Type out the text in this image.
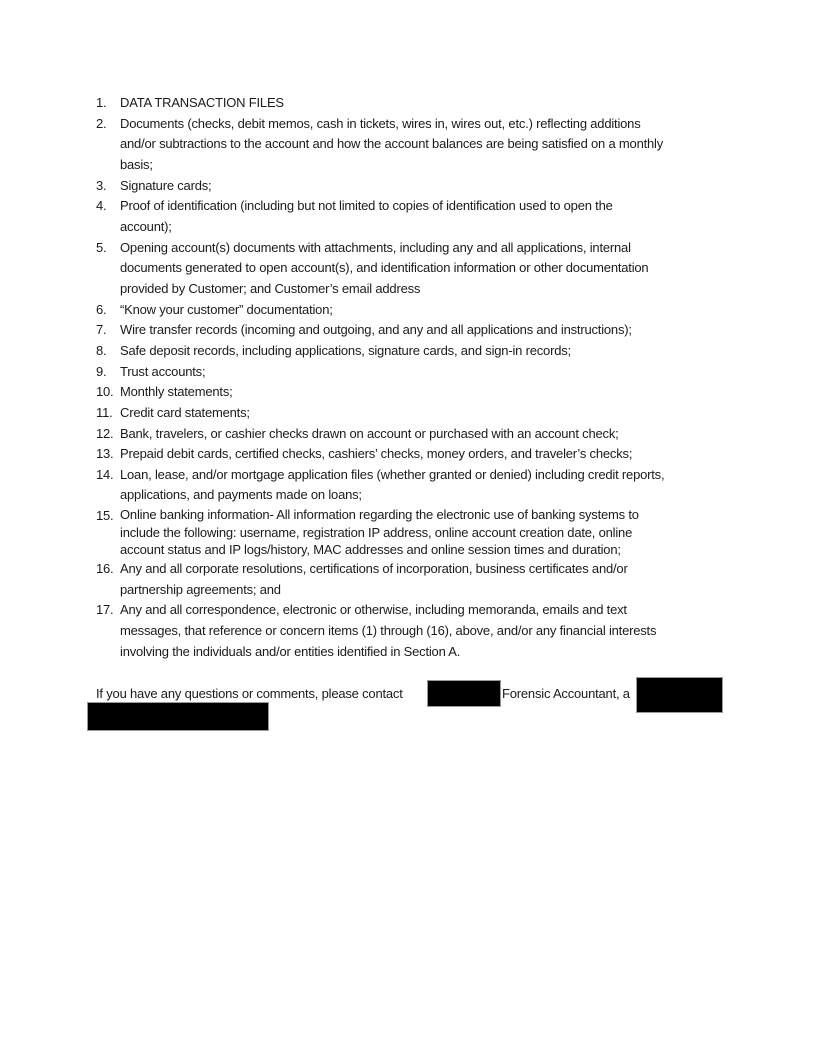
1.	DATA TRANSACTION FILES
2.	Documents (checks, debit memos, cash in tickets, wires in, wires out, etc.) reflecting additions
and/or subtractions to the account and how the account balances are being satisfied on a monthly
basis;
3.	Signature cards;
4.	Proof of identification (including but not limited to copies of identification used to open the
account);
5.	Opening account(s) documents with attachments, including any and all applications, internal
documents generated to open account(s), and identification information or other documentation
provided by Customer; and Customer’s email address
6.	“Know your customer” documentation;
7.	Wire transfer records (incoming and outgoing, and any and all applications and instructions);
8.	Safe deposit records, including applications, signature cards, and sign-in records;
9.	Trust accounts;
10. Monthly statements;
11. Credit card statements;
12. Bank, travelers, or cashier checks drawn on account or purchased with an account check;
13. Prepaid debit cards, certified checks, cashiers’ checks, money orders, and traveler’s checks;
14. Loan, lease, and/or mortgage application files (whether granted or denied) including credit reports,
applications, and payments made on loans;
15. Online banking information- All information regarding the electronic use of banking systems to
include the following: username, registration IP address, online account creation date, online
account status and IP logs/history, MAC addresses and online session times and duration;
16. Any and all corporate resolutions, certifications of incorporation, business certificates and/or
partnership agreements; and
17. Any and all correspondence, electronic or otherwise, including memoranda, emails and text
messages, that reference or concern items (1) through (16), above, and/or any financial interests
involving the individuals and/or entities identified in Section A.
If you have any questions or comments, please contact	Forensic Accountant, a
